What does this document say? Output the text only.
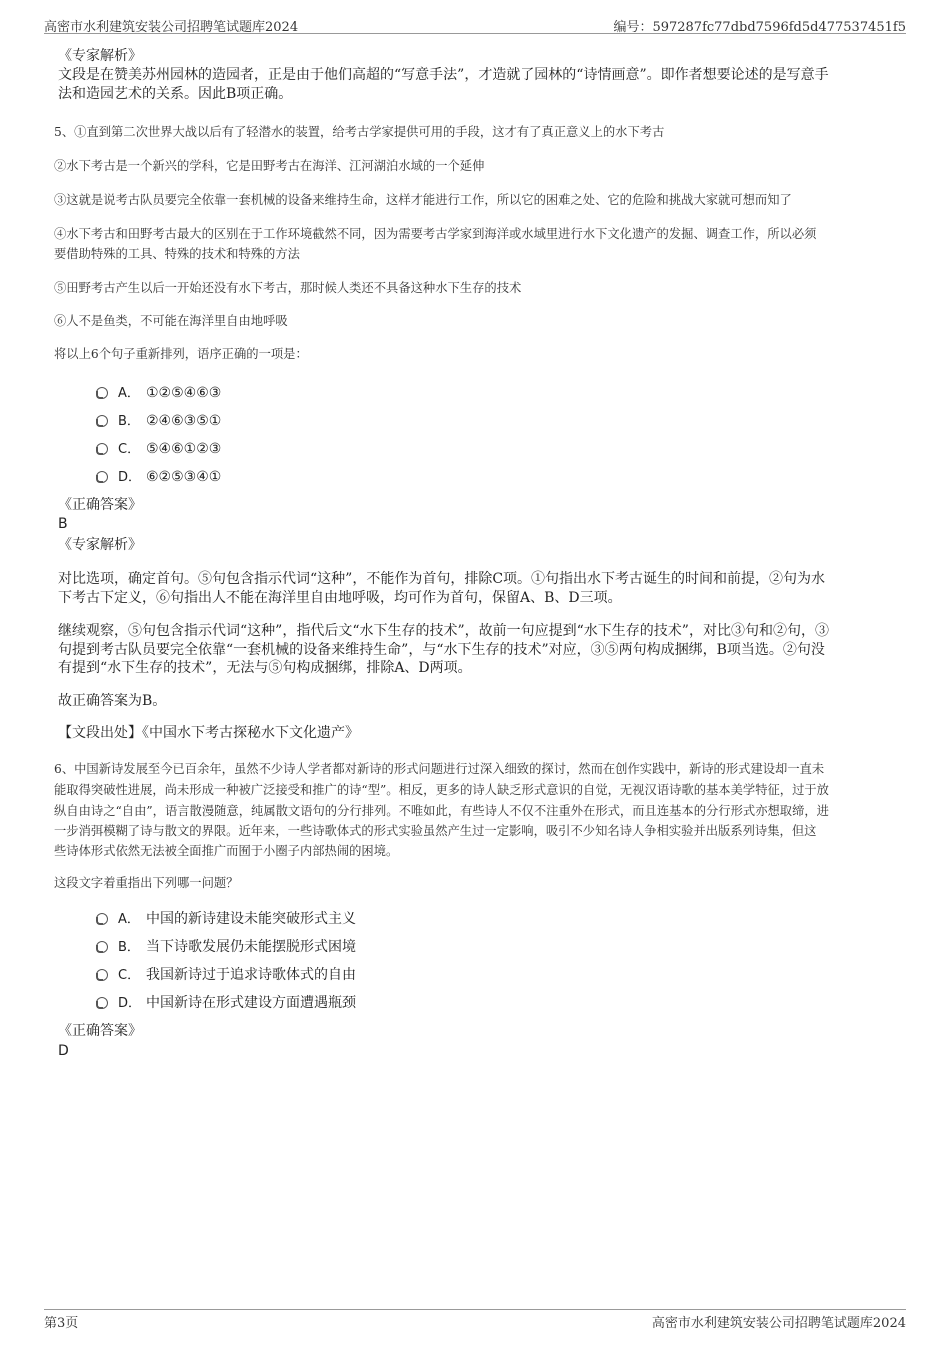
高密市水利建筑安装公司招聘笔试题库2024	编号：597287fc77dbd7596fd5d477537451f5
《专家解析》
文段是在赞美苏州园林的造园者，正是由于他们高超的“写意手法”，才造就了园林的“诗情画意”。即作者想要论述的是写意手
法和造园艺术的关系。因此B项正确。
5、①直到第二次世界大战以后有了轻潜水的装置，给考古学家提供可用的手段，这才有了真正意义上的水下考古
②水下考古是一个新兴的学科，它是田野考古在海洋、江河湖泊水域的一个延伸
③这就是说考古队员要完全依靠一套机械的设备来维持生命，这样才能进行工作，所以它的困难之处、它的危险和挑战大家就可想而知了
④水下考古和田野考古最大的区别在于工作环境截然不同，因为需要考古学家到海洋或水域里进行水下文化遗产的发掘、调查工作，所以必须
要借助特殊的工具、特殊的技术和特殊的方法
⑤田野考古产生以后一开始还没有水下考古，那时候人类还不具备这种水下生存的技术
⑥人不是鱼类，不可能在海洋里自由地呼吸
将以上6个句子重新排列，语序正确的一项是：
A． ①②⑤④⑥③
B． ②④⑥③⑤①
C． ⑤④⑥①②③
D． ⑥②⑤③④①
《正确答案》
B
《专家解析》
对比选项，确定首句。⑤句包含指示代词“这种”，不能作为首句，排除C项。①句指出水下考古诞生的时间和前提，②句为水
下考古下定义，⑥句指出人不能在海洋里自由地呼吸，均可作为首句，保留A、B、D三项。
继续观察，⑤句包含指示代词“这种”，指代后文“水下生存的技术”，故前一句应提到“水下生存的技术”，对比③句和②句，③
句提到考古队员要完全依靠“一套机械的设备来维持生命”，与“水下生存的技术”对应，③⑤两句构成捆绑，B项当选。②句没
有提到“水下生存的技术”，无法与⑤句构成捆绑，排除A、D两项。
故正确答案为B。
【文段出处】《中国水下考古探秘水下文化遗产》
6、中国新诗发展至今已百余年，虽然不少诗人学者都对新诗的形式问题进行过深入细致的探讨，然而在创作实践中，新诗的形式建设却一直未
能取得突破性进展，尚未形成一种被广泛接受和推广的诗“型”。相反，更多的诗人缺乏形式意识的自觉，无视汉语诗歌的基本美学特征，过于放
纵自由诗之“自由”，语言散漫随意，纯属散文语句的分行排列。不唯如此，有些诗人不仅不注重外在形式，而且连基本的分行形式亦想取缔，进
一步消弭模糊了诗与散文的界限。近年来，一些诗歌体式的形式实验虽然产生过一定影响，吸引不少知名诗人争相实验并出版系列诗集，但这
些诗体形式依然无法被全面推广而囿于小圈子内部热闹的困境。
这段文字着重指出下列哪一问题？
A． 中国的新诗建设未能突破形式主义
B． 当下诗歌发展仍未能摆脱形式困境
C． 我国新诗过于追求诗歌体式的自由
D． 中国新诗在形式建设方面遭遇瓶颈
《正确答案》
D
第3页	高密市水利建筑安装公司招聘笔试题库2024
